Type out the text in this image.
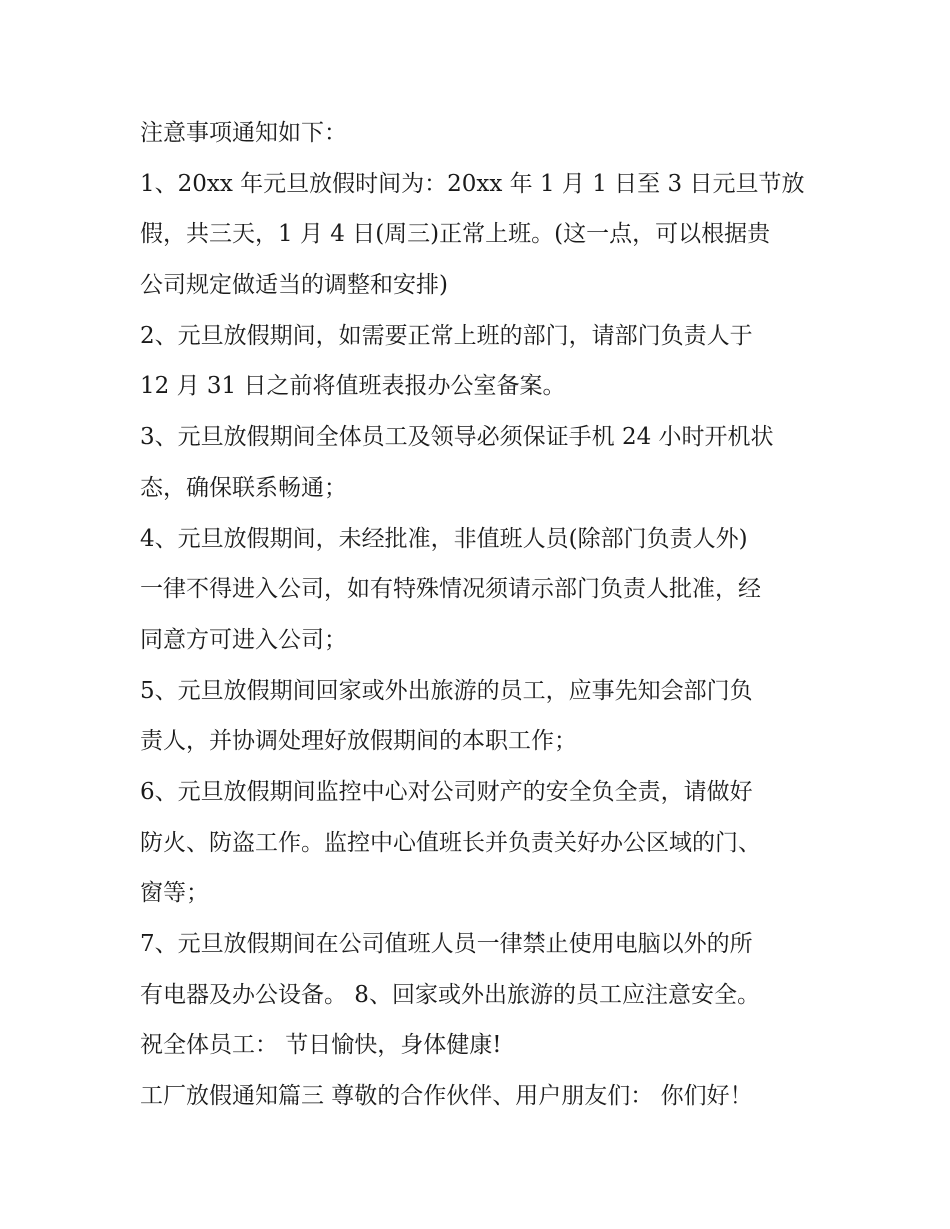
注意事项通知如下：
1、20xx 年元旦放假时间为：20xx 年 1 月 1 日至 3 日元旦节放
假，共三天，1 月 4 日(周三)正常上班。(这一点，可以根据贵
公司规定做适当的调整和安排)
2、元旦放假期间，如需要正常上班的部门，请部门负责人于
12 月 31 日之前将值班表报办公室备案。
3、元旦放假期间全体员工及领导必须保证手机 24 小时开机状
态，确保联系畅通；
4、元旦放假期间，未经批准，非值班人员(除部门负责人外)
一律不得进入公司，如有特殊情况须请示部门负责人批准，经
同意方可进入公司；
5、元旦放假期间回家或外出旅游的员工，应事先知会部门负
责人，并协调处理好放假期间的本职工作；
6、元旦放假期间监控中心对公司财产的安全负全责，请做好
防火、防盗工作。监控中心值班长并负责关好办公区域的门、
窗等；
7、元旦放假期间在公司值班人员一律禁止使用电脑以外的所
有电器及办公设备。 8、回家或外出旅游的员工应注意安全。
祝全体员工： 节日愉快，身体健康!
工厂放假通知篇三 尊敬的合作伙伴、用户朋友们： 你们好！
